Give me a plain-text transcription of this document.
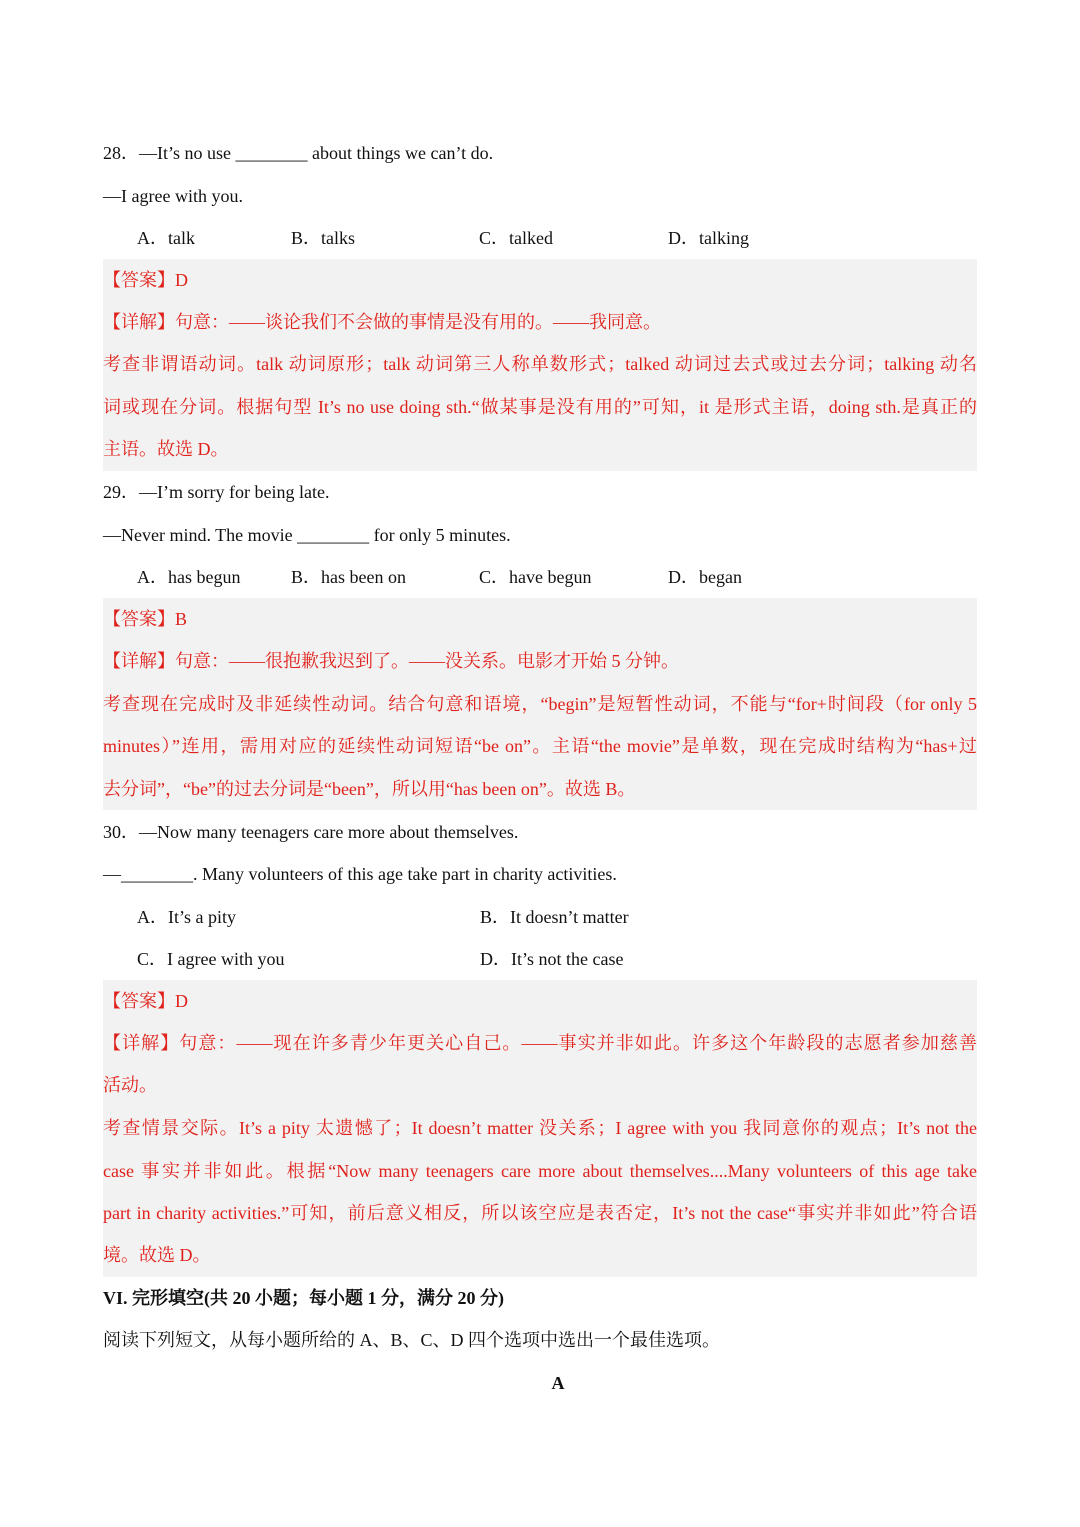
28．—It’s no use ________ about things we can’t do.
—I agree with you.
A．talk	B．talks	C．talked	D．talking
【答案】D
【详解】句意：——谈论我们不会做的事情是没有用的。——我同意。
考查非谓语动词。talk 动词原形；talk 动词第三人称单数形式；talked 动词过去式或过去分词；talking 动名
词或现在分词。根据句型 It’s no use doing sth.“做某事是没有用的”可知，it 是形式主语，doing sth.是真正的
主语。故选 D。
29．—I’m sorry for being late.
—Never mind. The movie ________ for only 5 minutes.
A．has begun	B．has been on	C．have begun	D．began
【答案】B
【详解】句意：——很抱歉我迟到了。——没关系。电影才开始 5 分钟。
考查现在完成时及非延续性动词。结合句意和语境，“begin”是短暂性动词，不能与“for+时间段（for only 5
minutes）”连用，需用对应的延续性动词短语“be on”。主语“the movie”是单数，现在完成时结构为“has+过
去分词”，“be”的过去分词是“been”，所以用“has been on”。故选 B。
30．—Now many teenagers care more about themselves.
—________. Many volunteers of this age take part in charity activities.
A．It’s a pity	B．It doesn’t matter
C．I agree with you	D．It’s not the case
【答案】D
【详解】句意：——现在许多青少年更关心自己。——事实并非如此。许多这个年龄段的志愿者参加慈善
活动。
考查情景交际。It’s a pity 太遗憾了；It doesn’t matter 没关系；I agree with you 我同意你的观点；It’s not the
case 事实并非如此。根据“Now many teenagers care more about themselves....Many volunteers of this age take
part in charity activities.”可知，前后意义相反，所以该空应是表否定，It’s not the case“事实并非如此”符合语
境。故选 D。
VI. 完形填空(共 20 小题；每小题 1 分，满分 20 分)
阅读下列短文，从每小题所给的 A、B、C、D 四个选项中选出一个最佳选项。
A
